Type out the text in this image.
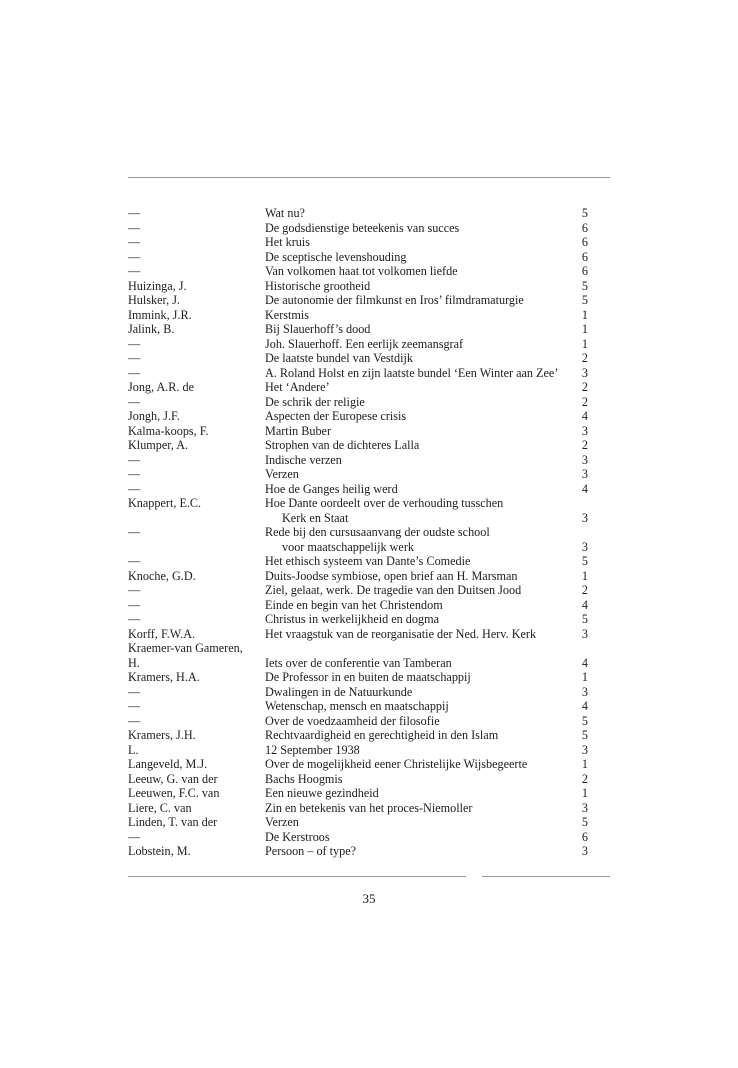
—	Wat nu?	5
—	De godsdienstige beteekenis van succes	6
—	Het kruis	6
—	De sceptische levenshouding	6
—	Van volkomen haat tot volkomen liefde	6
Huizinga, J.	Historische grootheid	5
Hulsker, J.	De autonomie der filmkunst en Iros’ filmdramaturgie	5
Immink, J.R.	Kerstmis	1
Jalink, B.	Bij Slauerhoff’s dood	1
—	Joh. Slauerhoff. Een eerlijk zeemansgraf	1
—	De laatste bundel van Vestdijk	2
—	A. Roland Holst en zijn laatste bundel ‘Een Winter aan Zee’	3
Jong, A.R. de	Het ‘Andere’	2
—	De schrik der religie	2
Jongh, J.F.	Aspecten der Europese crisis	4
Kalma-koops, F.	Martin Buber	3
Klumper, A.	Strophen van de dichteres Lalla	2
—	Indische verzen	3
—	Verzen	3
—	Hoe de Ganges heilig werd	4
Knappert, E.C.	Hoe Dante oordeelt over de verhouding tusschen
Kerk en Staat	3
—	Rede bij den cursusaanvang der oudste school
voor maatschappelijk werk	3
—	Het ethisch systeem van Dante’s Comedie	5
Knoche, G.D.	Duits-Joodse symbiose, open brief aan H. Marsman	1
—	Ziel, gelaat, werk. De tragedie van den Duitsen Jood	2
—	Einde en begin van het Christendom	4
—	Christus in werkelijkheid en dogma	5
Korff, F.W.A.	Het vraagstuk van de reorganisatie der Ned. Herv. Kerk	3
Kraemer-van Gameren,
H.	Iets over de conferentie van Tamberan	4
Kramers, H.A.	De Professor in en buiten de maatschappij	1
—	Dwalingen in de Natuurkunde	3
—	Wetenschap, mensch en maatschappij	4
—	Over de voedzaamheid der filosofie	5
Kramers, J.H.	Rechtvaardigheid en gerechtigheid in den Islam	5
L.	12 September 1938	3
Langeveld, M.J.	Over de mogelijkheid eener Christelijke Wijsbegeerte	1
Leeuw, G. van der	Bachs Hoogmis	2
Leeuwen, F.C. van	Een nieuwe gezindheid	1
Liere, C. van	Zin en betekenis van het proces-Niemoller	3
Linden, T. van der	Verzen	5
—	De Kerstroos	6
Lobstein, M.	Persoon – of type?	3
35
